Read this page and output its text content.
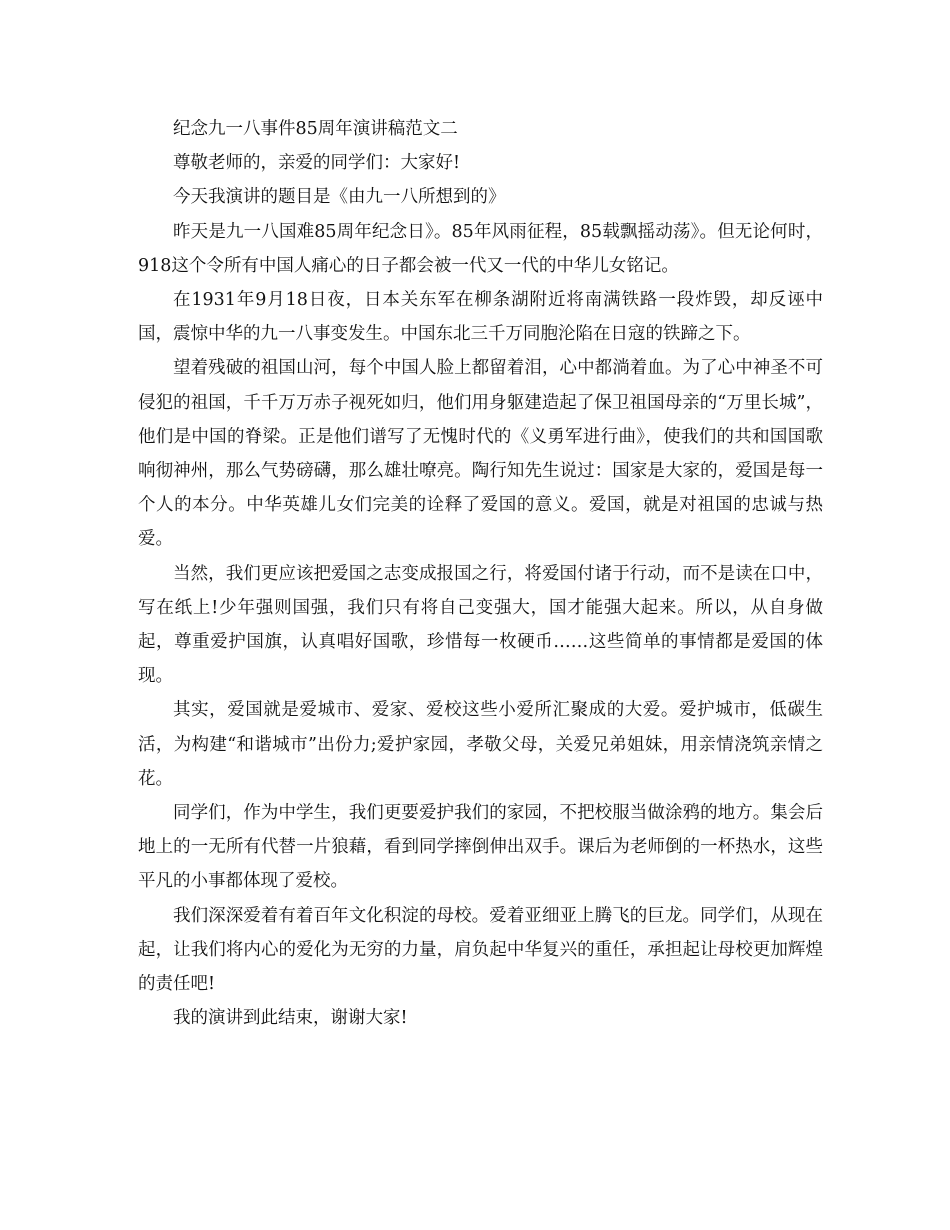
纪念九一八事件85周年演讲稿范文二

尊敬老师的，亲爱的同学们：大家好!

今天我演讲的题目是《由九一八所想到的》

昨天是九一八国难85周年纪念日》。85年风雨征程，85载飘摇动荡》。但无论何时，918这个令所有中国人痛心的日子都会被一代又一代的中华儿女铭记。

在1931年9月18日夜，日本关东军在柳条湖附近将南满铁路一段炸毁，却反诬中国，震惊中华的九一八事变发生。中国东北三千万同胞沦陷在日寇的铁蹄之下。

望着残破的祖国山河，每个中国人脸上都留着泪，心中都淌着血。为了心中神圣不可侵犯的祖国，千千万万赤子视死如归，他们用身躯建造起了保卫祖国母亲的“万里长城”，他们是中国的脊梁。正是他们谱写了无愧时代的《义勇军进行曲》，使我们的共和国国歌响彻神州，那么气势磅礴，那么雄壮嘹亮。陶行知先生说过：国家是大家的，爱国是每一个人的本分。中华英雄儿女们完美的诠释了爱国的意义。爱国，就是对祖国的忠诚与热爱。

当然，我们更应该把爱国之志变成报国之行，将爱国付诸于行动，而不是读在口中，写在纸上!少年强则国强，我们只有将自己变强大，国才能强大起来。所以，从自身做起，尊重爱护国旗，认真唱好国歌，珍惜每一枚硬币……这些简单的事情都是爱国的体现。

其实，爱国就是爱城市、爱家、爱校这些小爱所汇聚成的大爱。爱护城市，低碳生活，为构建“和谐城市”出份力;爱护家园，孝敬父母，关爱兄弟姐妹，用亲情浇筑亲情之花。

同学们，作为中学生，我们更要爱护我们的家园，不把校服当做涂鸦的地方。集会后地上的一无所有代替一片狼藉，看到同学摔倒伸出双手。课后为老师倒的一杯热水，这些平凡的小事都体现了爱校。

我们深深爱着有着百年文化积淀的母校。爱着亚细亚上腾飞的巨龙。同学们，从现在起，让我们将内心的爱化为无穷的力量，肩负起中华复兴的重任，承担起让母校更加辉煌的责任吧!

我的演讲到此结束，谢谢大家!
